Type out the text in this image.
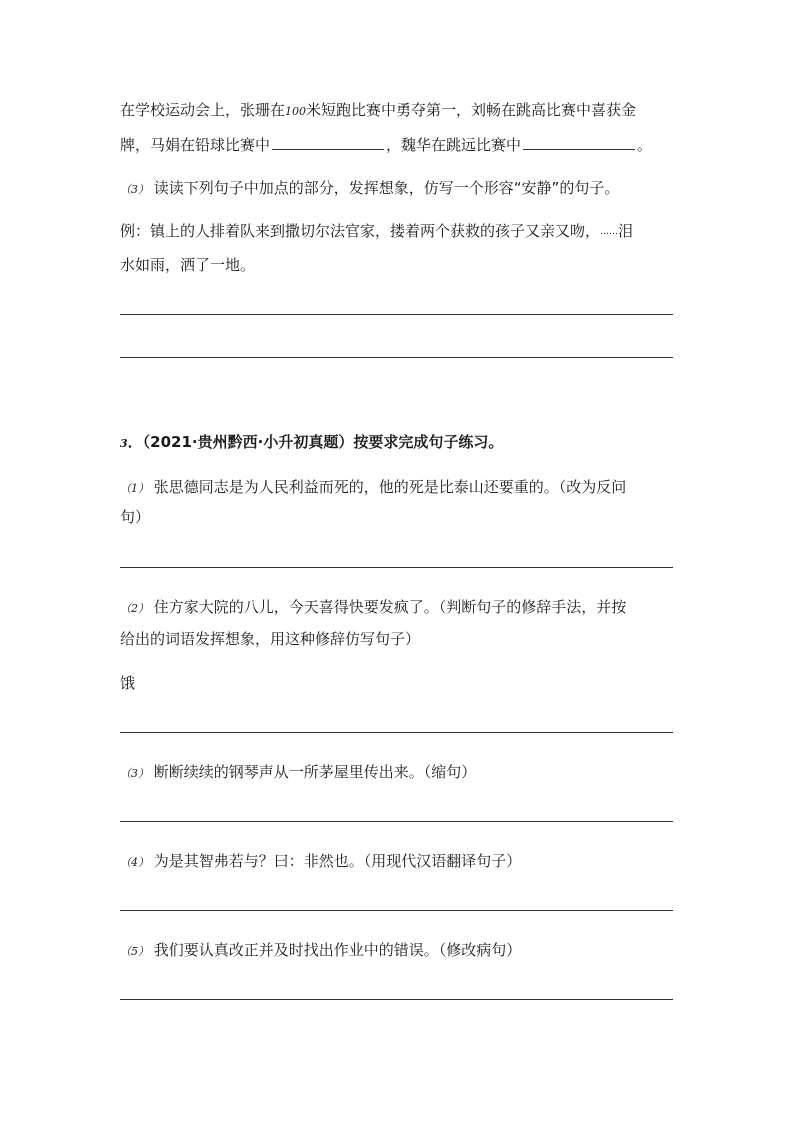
在学校运动会上，张珊在100米短跑比赛中勇夺第一，刘畅在跳高比赛中喜获金
牌，马娟在铅球比赛中	，魏华在跳远比赛中	。
（3） 读读下列句子中加点的部分，发挥想象，仿写一个形容“安静”的句子。
例：镇上的人排着队来到撒切尔法官家，搂着两个获救的孩子又亲又吻，……泪
水如雨，洒了一地。
3．（2021·贵州黔西·小升初真题）按要求完成句子练习。
（1） 张思德同志是为人民利益而死的，他的死是比泰山还要重的。（改为反问
句）
（2） 住方家大院的八儿，今天喜得快要发疯了。（判断句子的修辞手法，并按
给出的词语发挥想象，用这种修辞仿写句子）
饿
（3） 断断续续的钢琴声从一所茅屋里传出来。（缩句）
（4） 为是其智弗若与？曰：非然也。（用现代汉语翻译句子）
（5） 我们要认真改正并及时找出作业中的错误。（修改病句）
